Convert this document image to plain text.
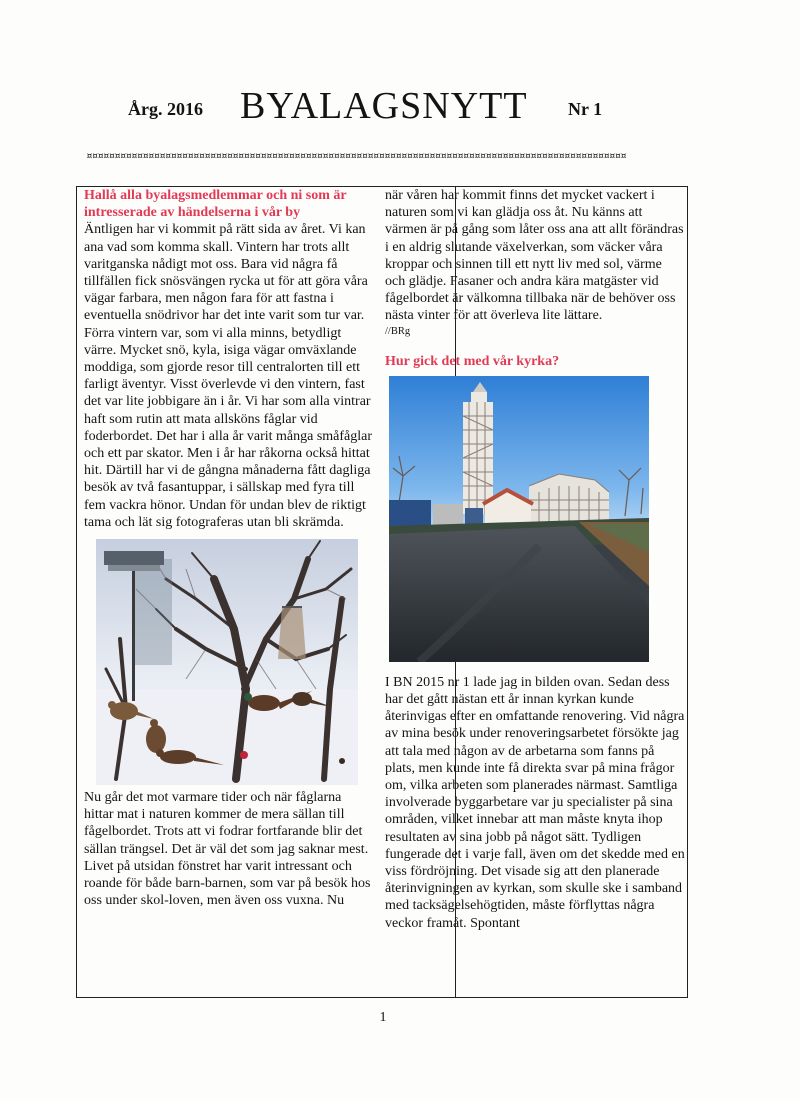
Årg. 2016 BYALAGSNYTT Nr 1
¤¤¤¤¤¤¤¤¤¤¤¤¤¤¤¤¤¤¤¤¤¤¤¤¤¤¤¤¤¤¤¤¤¤¤¤¤¤¤¤¤¤¤¤¤¤¤¤¤¤¤¤¤¤¤¤¤¤¤¤¤¤¤¤¤¤¤¤¤¤¤¤¤¤¤¤¤¤¤¤¤¤¤¤¤¤¤¤¤¤¤¤¤¤¤¤

Hallå alla byalagsmedlemmar och ni som är intresserade av händelserna i vår by

Äntligen har vi kommit på rätt sida av året. Vi kan ana vad som komma skall. Vintern har trots allt varitganska nådigt mot oss. Bara vid några få tillfällen fick snösvängen rycka ut för att göra våra vägar farbara, men någon fara för att fastna i eventuella snödrivor har det inte varit som tur var. Förra vintern var, som vi alla minns, betydligt värre. Mycket snö, kyla, isiga vägar omväxlande moddiga, som gjorde resor till centralorten till ett farligt äventyr. Visst överlevde vi den vintern, fast det var lite jobbigare än i år. Vi har som alla vintrar haft som rutin att mata allsköns fåglar vid foderbordet. Det har i alla år varit många småfåglar och ett par skator. Men i år har råkorna också hittat hit. Därtill har vi de gångna månaderna fått dagliga besök av två fasantuppar, i sällskap med fyra till fem vackra hönor. Undan för undan blev de riktigt tama och lät sig fotograferas utan bli skrämda.

Nu går det mot varmare tider och när fåglarna hittar mat i naturen kommer de mera sällan till fågelbordet. Trots att vi fodrar fortfarande blir det sällan trängsel. Det är väl det som jag saknar mest. Livet på utsidan fönstret har varit intressant och roande för både barn-barnen, som var på besök hos oss under skol-loven, men även oss vuxna. Nu

när våren har kommit finns det mycket vackert i naturen som vi kan glädja oss åt. Nu känns att värmen är på gång som låter oss ana att allt förändras i en aldrig slutande växelverkan, som väcker våra kroppar och sinnen till ett nytt liv med sol, värme och glädje. Fasaner och andra kära matgäster vid fågelbordet är välkomna tillbaka när de behöver oss nästa vinter för att överleva lite lättare.

//BRg

Hur gick det med vår kyrka?

I BN 2015 nr 1 lade jag in bilden ovan. Sedan dess har det gått nästan ett år innan kyrkan kunde återinvigas efter en omfattande renovering. Vid några av mina besök under renoveringsarbetet försökte jag att tala med någon av de arbetarna som fanns på plats, men kunde inte få direkta svar på mina frågor om, vilka arbeten som planerades närmast. Samtliga involverade byggarbetare var ju specialister på sina områden, vilket innebar att man måste knyta ihop resultaten av sina jobb på något sätt. Tydligen fungerade det i varje fall, även om det skedde med en viss fördröjning. Det visade sig att den planerade återinvigningen av kyrkan, som skulle ske i samband med tacksägelsehögtiden, måste förflyttas några veckor framåt. Spontant

1
